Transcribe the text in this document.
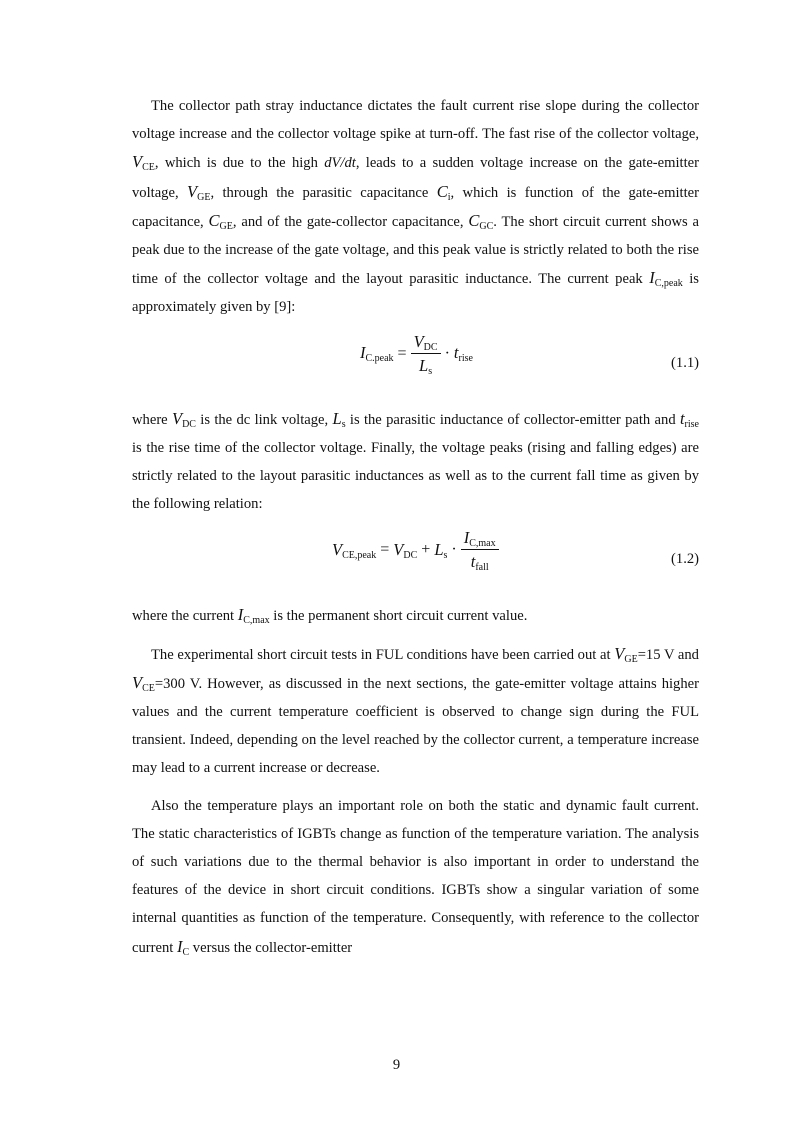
The collector path stray inductance dictates the fault current rise slope during the collector voltage increase and the collector voltage spike at turn-off. The fast rise of the collector voltage, $V_{CE}$, which is due to the high dV/dt, leads to a sudden voltage increase on the gate-emitter voltage, $V_{GE}$, through the parasitic capacitance $C_i$, which is function of the gate-emitter capacitance, $C_{GE}$, and of the gate-collector capacitance, $C_{GC}$. The short circuit current shows a peak due to the increase of the gate voltage, and this peak value is strictly related to both the rise time of the collector voltage and the layout parasitic inductance. The current peak $I_{C,peak}$ is approximately given by [9]:

$I_{C.peak} = \frac{V_{DC}}{L_s} \cdot t_{rise}$	(1.1)

where $V_{DC}$ is the dc link voltage, $L_s$ is the parasitic inductance of collector-emitter path and $t_{rise}$ is the rise time of the collector voltage. Finally, the voltage peaks (rising and falling edges) are strictly related to the layout parasitic inductances as well as to the current fall time as given by the following relation:

$V_{CE,peak} = V_{DC} + L_s \cdot \frac{I_{C,max}}{t_{fall}}$	(1.2)

where the current $I_{C,max}$ is the permanent short circuit current value.

The experimental short circuit tests in FUL conditions have been carried out at $V_{GE}=15$ V and $V_{CE}=300$ V. However, as discussed in the next sections, the gate-emitter voltage attains higher values and the current temperature coefficient is observed to change sign during the FUL transient. Indeed, depending on the level reached by the collector current, a temperature increase may lead to a current increase or decrease.

Also the temperature plays an important role on both the static and dynamic fault current. The static characteristics of IGBTs change as function of the temperature variation. The analysis of such variations due to the thermal behavior is also important in order to understand the features of the device in short circuit conditions. IGBTs show a singular variation of some internal quantities as function of the temperature. Consequently, with reference to the collector current $I_C$ versus the collector-emitter

9
